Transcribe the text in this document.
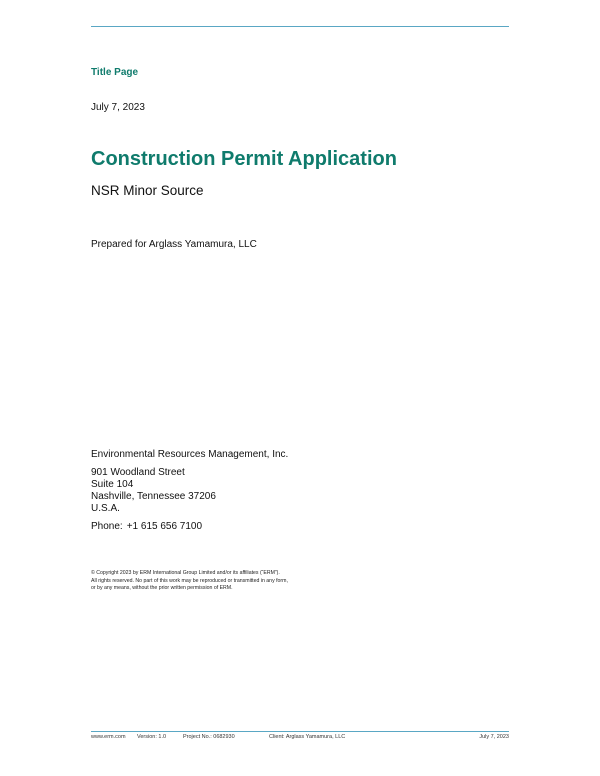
Title Page
July 7, 2023
Construction Permit Application
NSR Minor Source
Prepared for Arglass Yamamura, LLC
Environmental Resources Management, Inc.
901 Woodland Street
Suite 104
Nashville, Tennessee 37206
U.S.A.
Phone: +1 615 656 7100
© Copyright 2023 by ERM International Group Limited and/or its affiliates (“ERM”).
All rights reserved. No part of this work may be reproduced or transmitted in any form,
or by any means, without the prior written permission of ERM.
www.erm.com Version: 1.0	Project No.: 0682930	Client: Arglass Yamamura, LLC	July 7, 2023
